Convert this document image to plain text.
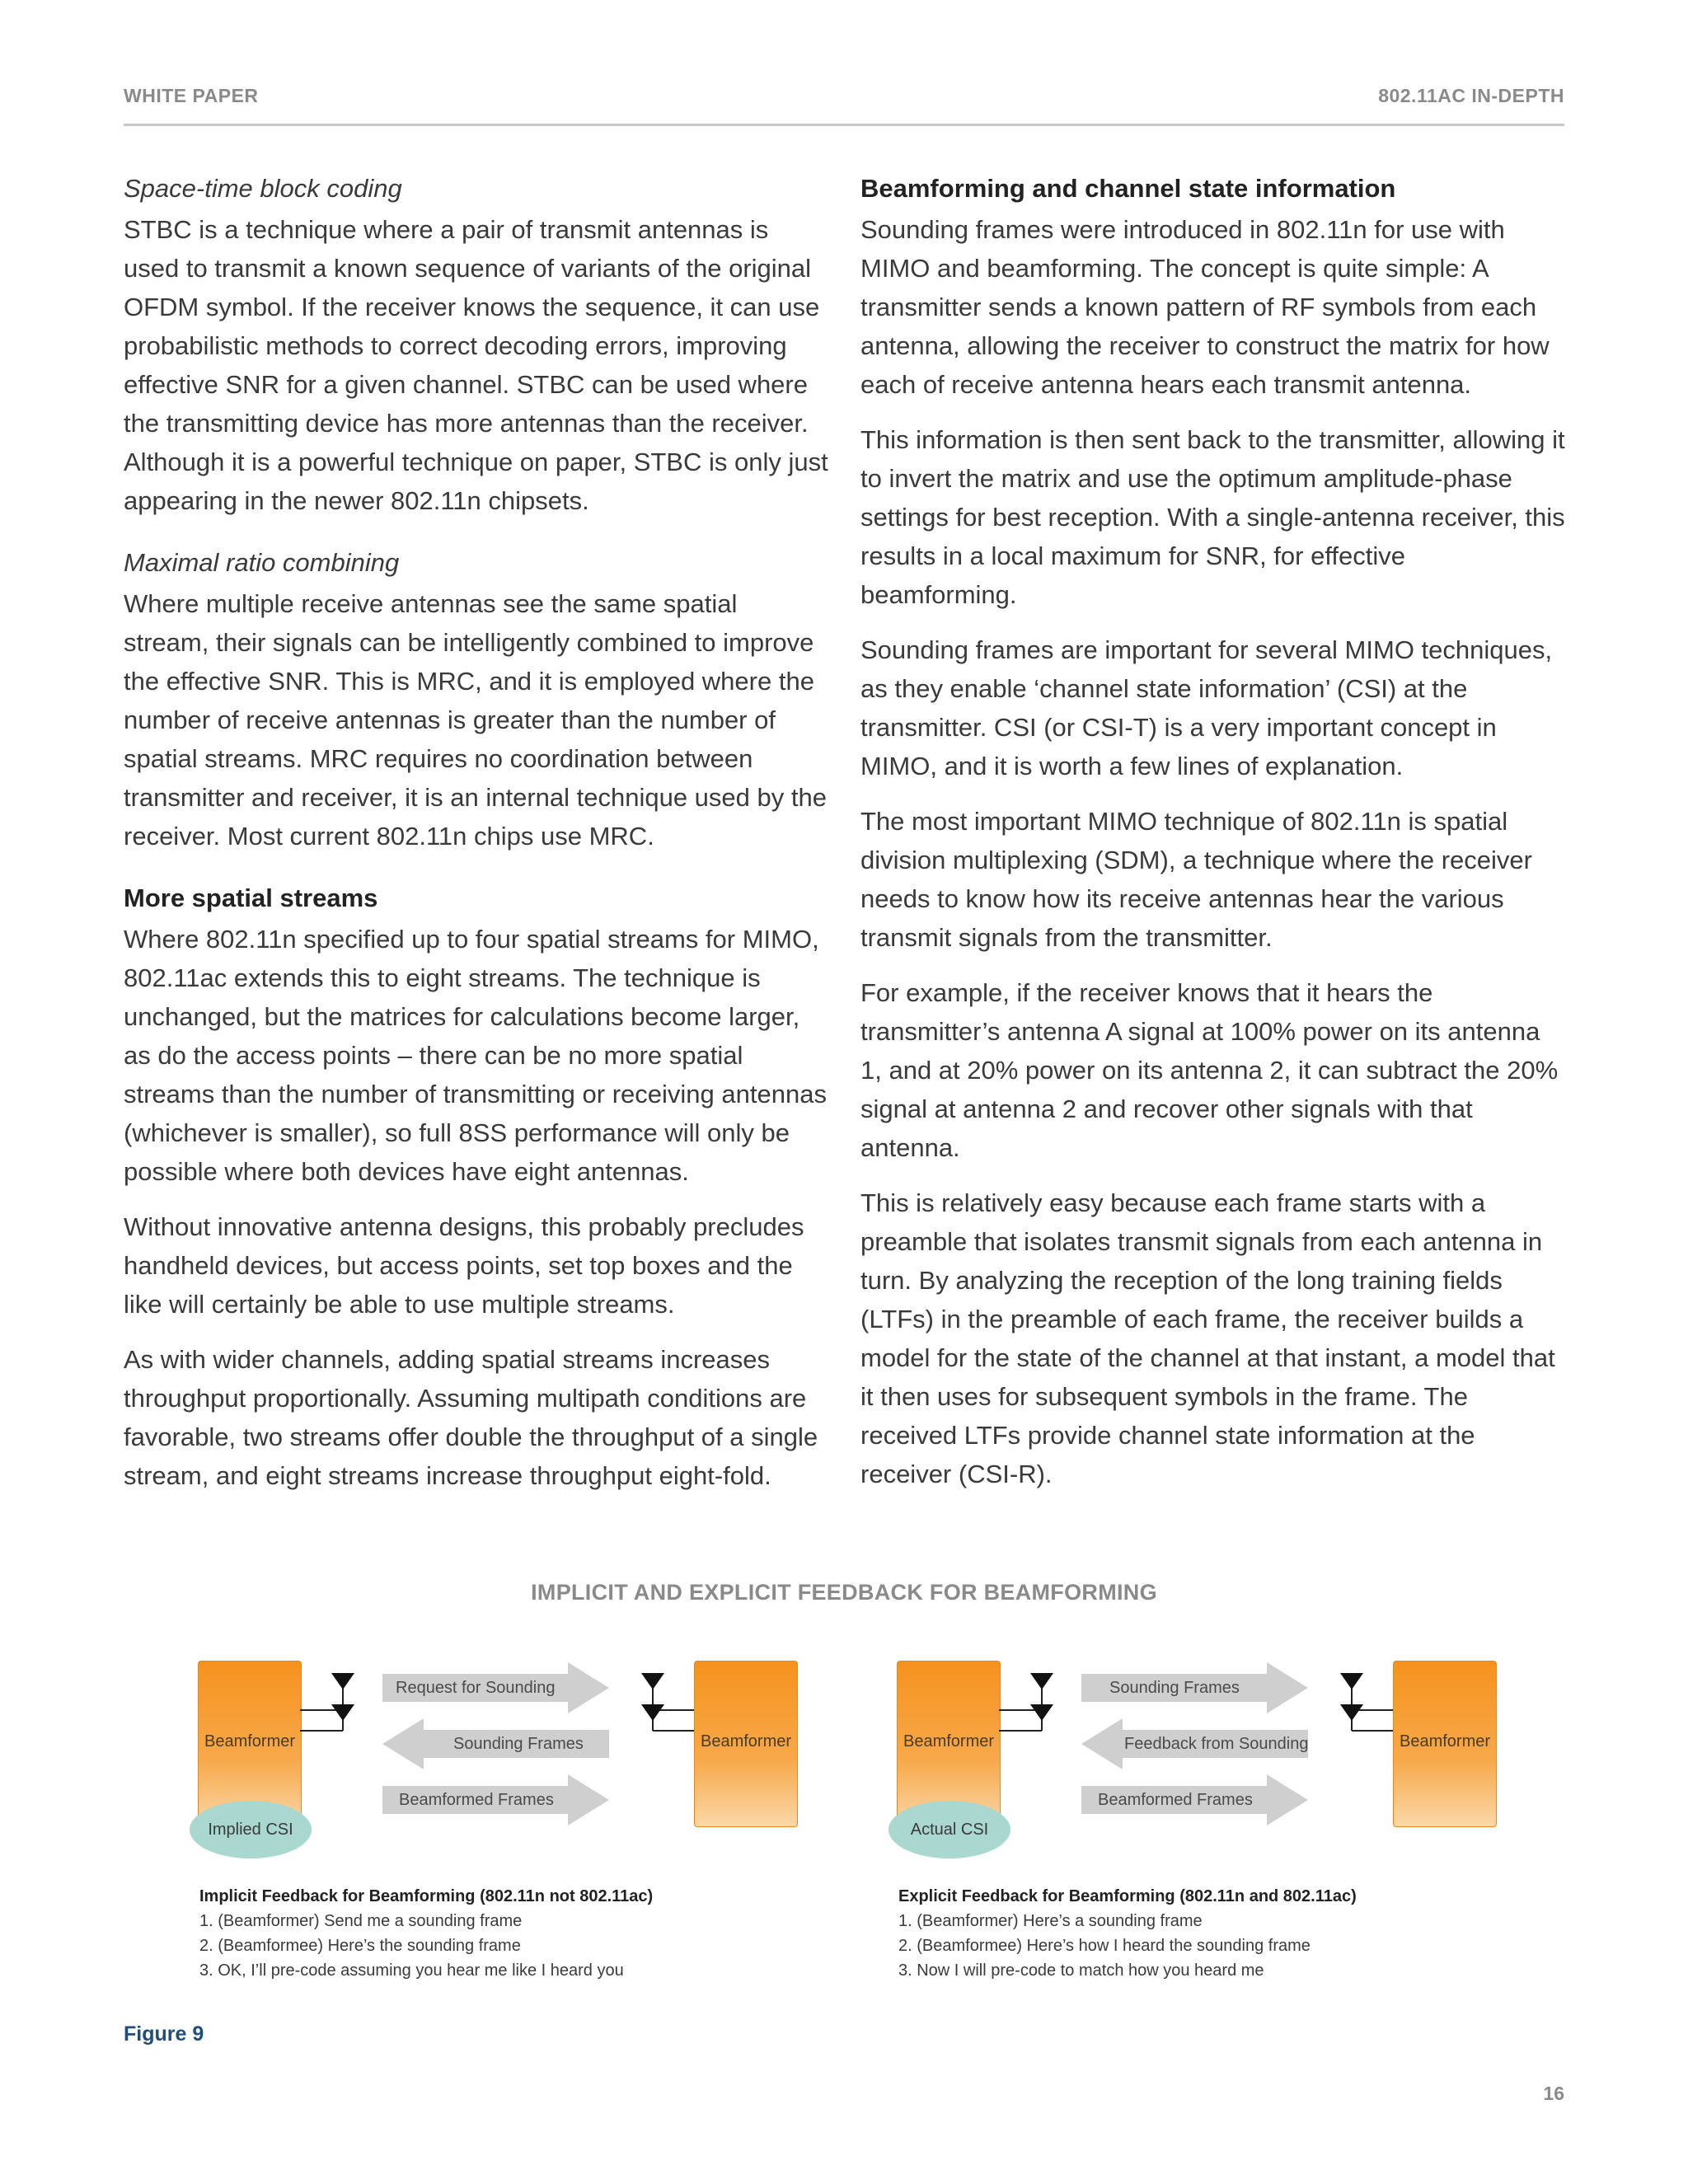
WHITE PAPER	802.11AC IN-DEPTH
Space-time block coding

STBC is a technique where a pair of transmit antennas is used to transmit a known sequence of variants of the original OFDM symbol. If the receiver knows the sequence, it can use probabilistic methods to correct decoding errors, improving effective SNR for a given channel. STBC can be used where the transmitting device has more antennas than the receiver. Although it is a powerful technique on paper, STBC is only just appearing in the newer 802.11n chipsets.

Maximal ratio combining

Where multiple receive antennas see the same spatial stream, their signals can be intelligently combined to improve the effective SNR. This is MRC, and it is employed where the number of receive antennas is greater than the number of spatial streams. MRC requires no coordination between transmitter and receiver, it is an internal technique used by the receiver. Most current 802.11n chips use MRC.

More spatial streams

Where 802.11n specified up to four spatial streams for MIMO, 802.11ac extends this to eight streams. The technique is unchanged, but the matrices for calculations become larger, as do the access points – there can be no more spatial streams than the number of transmitting or receiving antennas (whichever is smaller), so full 8SS performance will only be possible where both devices have eight antennas.

Without innovative antenna designs, this probably precludes handheld devices, but access points, set top boxes and the like will certainly be able to use multiple streams.

As with wider channels, adding spatial streams increases throughput proportionally. Assuming multipath conditions are favorable, two streams offer double the throughput of a single stream, and eight streams increase throughput eight-fold.

Beamforming and channel state information

Sounding frames were introduced in 802.11n for use with MIMO and beamforming. The concept is quite simple: A transmitter sends a known pattern of RF symbols from each antenna, allowing the receiver to construct the matrix for how each of receive antenna hears each transmit antenna.

This information is then sent back to the transmitter, allowing it to invert the matrix and use the optimum amplitude-phase settings for best reception. With a single-antenna receiver, this results in a local maximum for SNR, for effective beamforming.

Sounding frames are important for several MIMO techniques, as they enable ‘channel state information’ (CSI) at the transmitter. CSI (or CSI-T) is a very important concept in MIMO, and it is worth a few lines of explanation.

The most important MIMO technique of 802.11n is spatial division multiplexing (SDM), a technique where the receiver needs to know how its receive antennas hear the various transmit signals from the transmitter.

For example, if the receiver knows that it hears the transmitter’s antenna A signal at 100% power on its antenna 1, and at 20% power on its antenna 2, it can subtract the 20% signal at antenna 2 and recover other signals with that antenna.

This is relatively easy because each frame starts with a preamble that isolates transmit signals from each antenna in turn. By analyzing the reception of the long training fields (LTFs) in the preamble of each frame, the receiver builds a model for the state of the channel at that instant, a model that it then uses for subsequent symbols in the frame. The received LTFs provide channel state information at the receiver (CSI-R).

IMPLICIT AND EXPLICIT FEEDBACK FOR BEAMFORMING
Beamformer
Implied CSI
Request for Sounding
Sounding Frames
Beamformed Frames
Beamformer	Beamformer
Actual CSI
Sounding Frames
Feedback from Sounding
Beamformed Frames
Beamformer
Implicit Feedback for Beamforming (802.11n not 802.11ac)
1. (Beamformer) Send me a sounding frame
2. (Beamformee) Here’s the sounding frame
3. OK, I’ll pre-code assuming you hear me like I heard you
Explicit Feedback for Beamforming (802.11n and 802.11ac)
1. (Beamformer) Here’s a sounding frame
2. (Beamformee) Here’s how I heard the sounding frame
3. Now I will pre-code to match how you heard me
Figure 9
16
